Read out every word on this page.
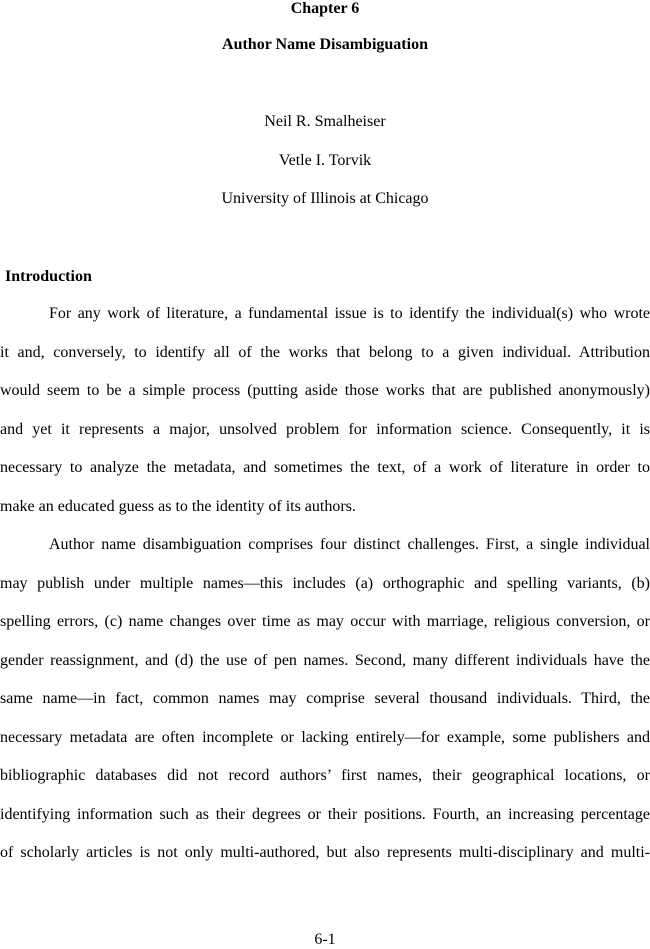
Chapter 6
Author Name Disambiguation
Neil R. Smalheiser
Vetle I. Torvik
University of Illinois at Chicago
Introduction
For any work of literature, a fundamental issue is to identify the individual(s) who wrote
it and, conversely, to identify all of the works that belong to a given individual. Attribution
would seem to be a simple process (putting aside those works that are published anonymously)
and yet it represents a major, unsolved problem for information science. Consequently, it is
necessary to analyze the metadata, and sometimes the text, of a work of literature in order to
make an educated guess as to the identity of its authors.
Author name disambiguation comprises four distinct challenges. First, a single individual
may publish under multiple names—this includes (a) orthographic and spelling variants, (b)
spelling errors, (c) name changes over time as may occur with marriage, religious conversion, or
gender reassignment, and (d) the use of pen names. Second, many different individuals have the
same name—in fact, common names may comprise several thousand individuals. Third, the
necessary metadata are often incomplete or lacking entirely—for example, some publishers and
bibliographic databases did not record authors’ first names, their geographical locations, or
identifying information such as their degrees or their positions. Fourth, an increasing percentage
of scholarly articles is not only multi-authored, but also represents multi-disciplinary and multi-
6-1
